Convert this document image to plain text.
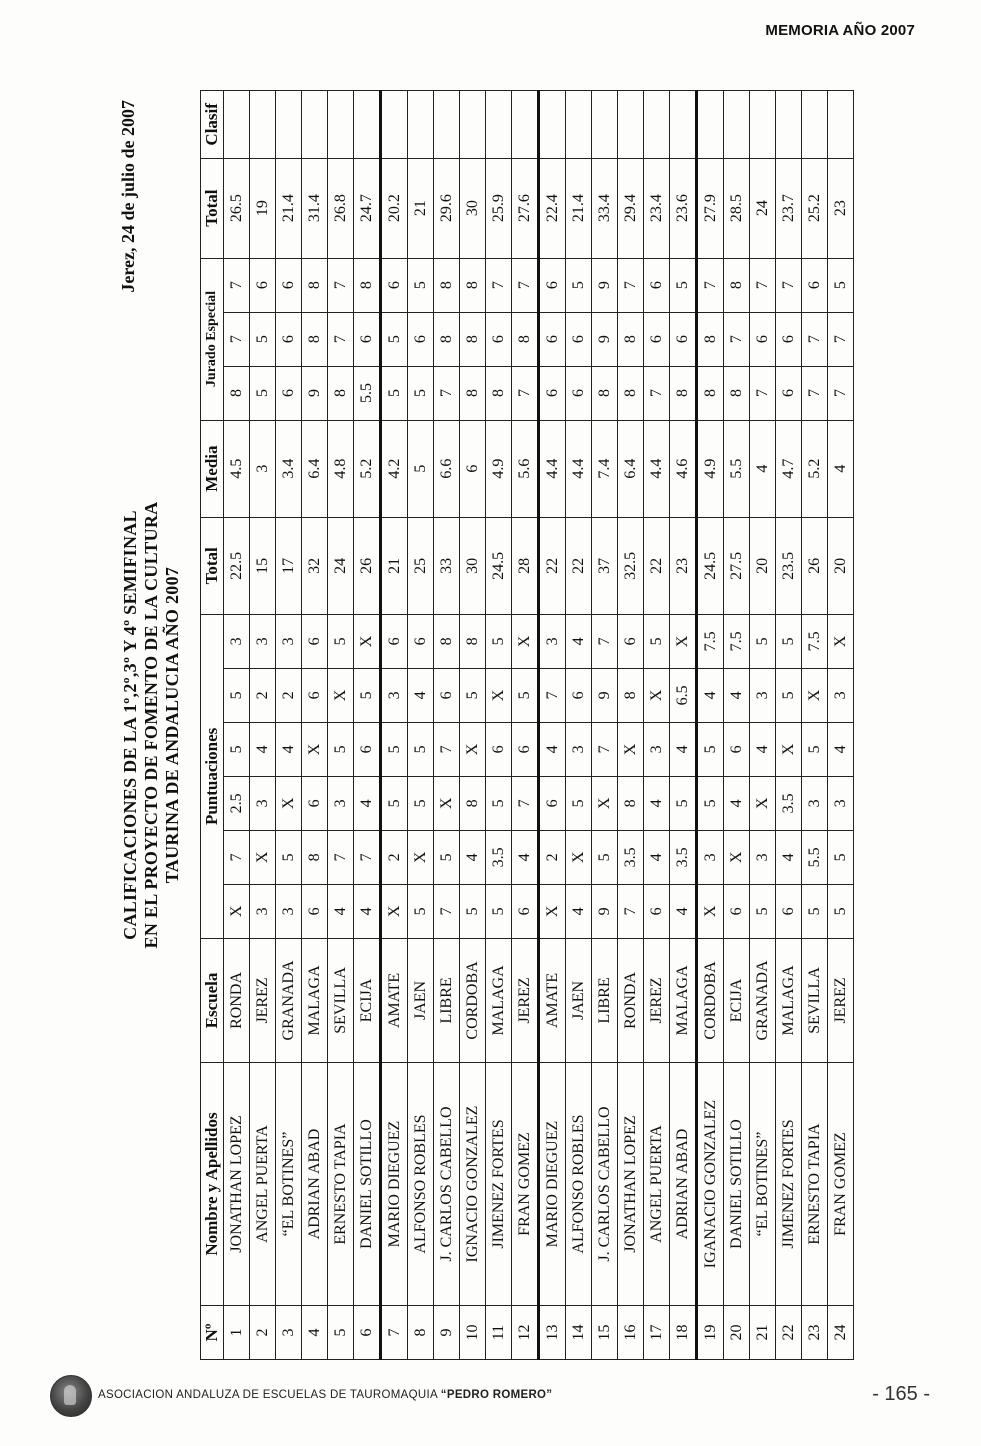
MEMORIA AÑO 2007
CALIFICACIONES DE LA 1º,2º,3º Y 4º SEMIFINAL EN EL PROYECTO DE FOMENTO DE LA CULTURA TAURINA DE ANDALUCIA AÑO 2007
Jerez, 24 de julio de 2007
Nº	Nombre y Apellidos	Escuela	Puntuaciones						Total	Media	Jurado Especial			Total	Clasif
1	JONATHAN LOPEZ	RONDA	X	7	2.5	5	5	3	22.5	4.5	8	7	7	26.5	
2	ANGEL PUERTA	JEREZ	3	X	3	4	2	3	15	3	5	5	6	19	
3	“EL BOTINES”	GRANADA	3	5	X	4	2	3	17	3.4	6	6	6	21.4	
4	ADRIAN ABAD	MALAGA	6	8	6	X	6	6	32	6.4	9	8	8	31.4	
5	ERNESTO TAPIA	SEVILLA	4	7	3	5	X	5	24	4.8	8	7	7	26.8	
6	DANIEL SOTILLO	ECIJA	4	7	4	6	5	X	26	5.2	5.5	6	8	24.7	
7	MARIO DIEGUEZ	AMATE	X	2	5	5	3	6	21	4.2	5	5	6	20.2	
8	ALFONSO ROBLES	JAEN	5	X	5	5	4	6	25	5	5	6	5	21	
9	J. CARLOS CABELLO	LIBRE	7	5	X	7	6	8	33	6.6	7	8	8	29.6	
10	IGNACIO GONZALEZ	CORDOBA	5	4	8	X	5	8	30	6	8	8	8	30	
11	JIMENEZ FORTES	MALAGA	5	3.5	5	6	X	5	24.5	4.9	8	6	7	25.9	
12	FRAN GOMEZ	JEREZ	6	4	7	6	5	X	28	5.6	7	8	7	27.6	
13	MARIO DIEGUEZ	AMATE	X	2	6	4	7	3	22	4.4	6	6	6	22.4	
14	ALFONSO ROBLES	JAEN	4	X	5	3	6	4	22	4.4	6	6	5	21.4	
15	J. CARLOS CABELLO	LIBRE	9	5	X	7	9	7	37	7.4	8	9	9	33.4	
16	JONATHAN LOPEZ	RONDA	7	3.5	8	X	8	6	32.5	6.4	8	8	7	29.4	
17	ANGEL PUERTA	JEREZ	6	4	4	3	X	5	22	4.4	7	6	6	23.4	
18	ADRIAN ABAD	MALAGA	4	3.5	5	4	6.5	X	23	4.6	8	6	5	23.6	
19	IGANACIO GONZALEZ	CORDOBA	X	3	5	5	4	7.5	24.5	4.9	8	8	7	27.9	
20	DANIEL SOTILLO	ECIJA	6	X	4	6	4	7.5	27.5	5.5	8	7	8	28.5	
21	“EL BOTINES”	GRANADA	5	3	X	4	3	5	20	4	7	6	7	24	
22	JIMENEZ FORTES	MALAGA	6	4	3.5	X	5	5	23.5	4.7	6	6	7	23.7	
23	ERNESTO TAPIA	SEVILLA	5	5.5	3	5	X	7.5	26	5.2	7	7	6	25.2	
24	FRAN GOMEZ	JEREZ	5	5	3	4	3	X	20	4	7	7	5	23	
ASOCIACION ANDALUZA DE ESCUELAS DE TAUROMAQUIA “PEDRO ROMERO”	- 165 -
